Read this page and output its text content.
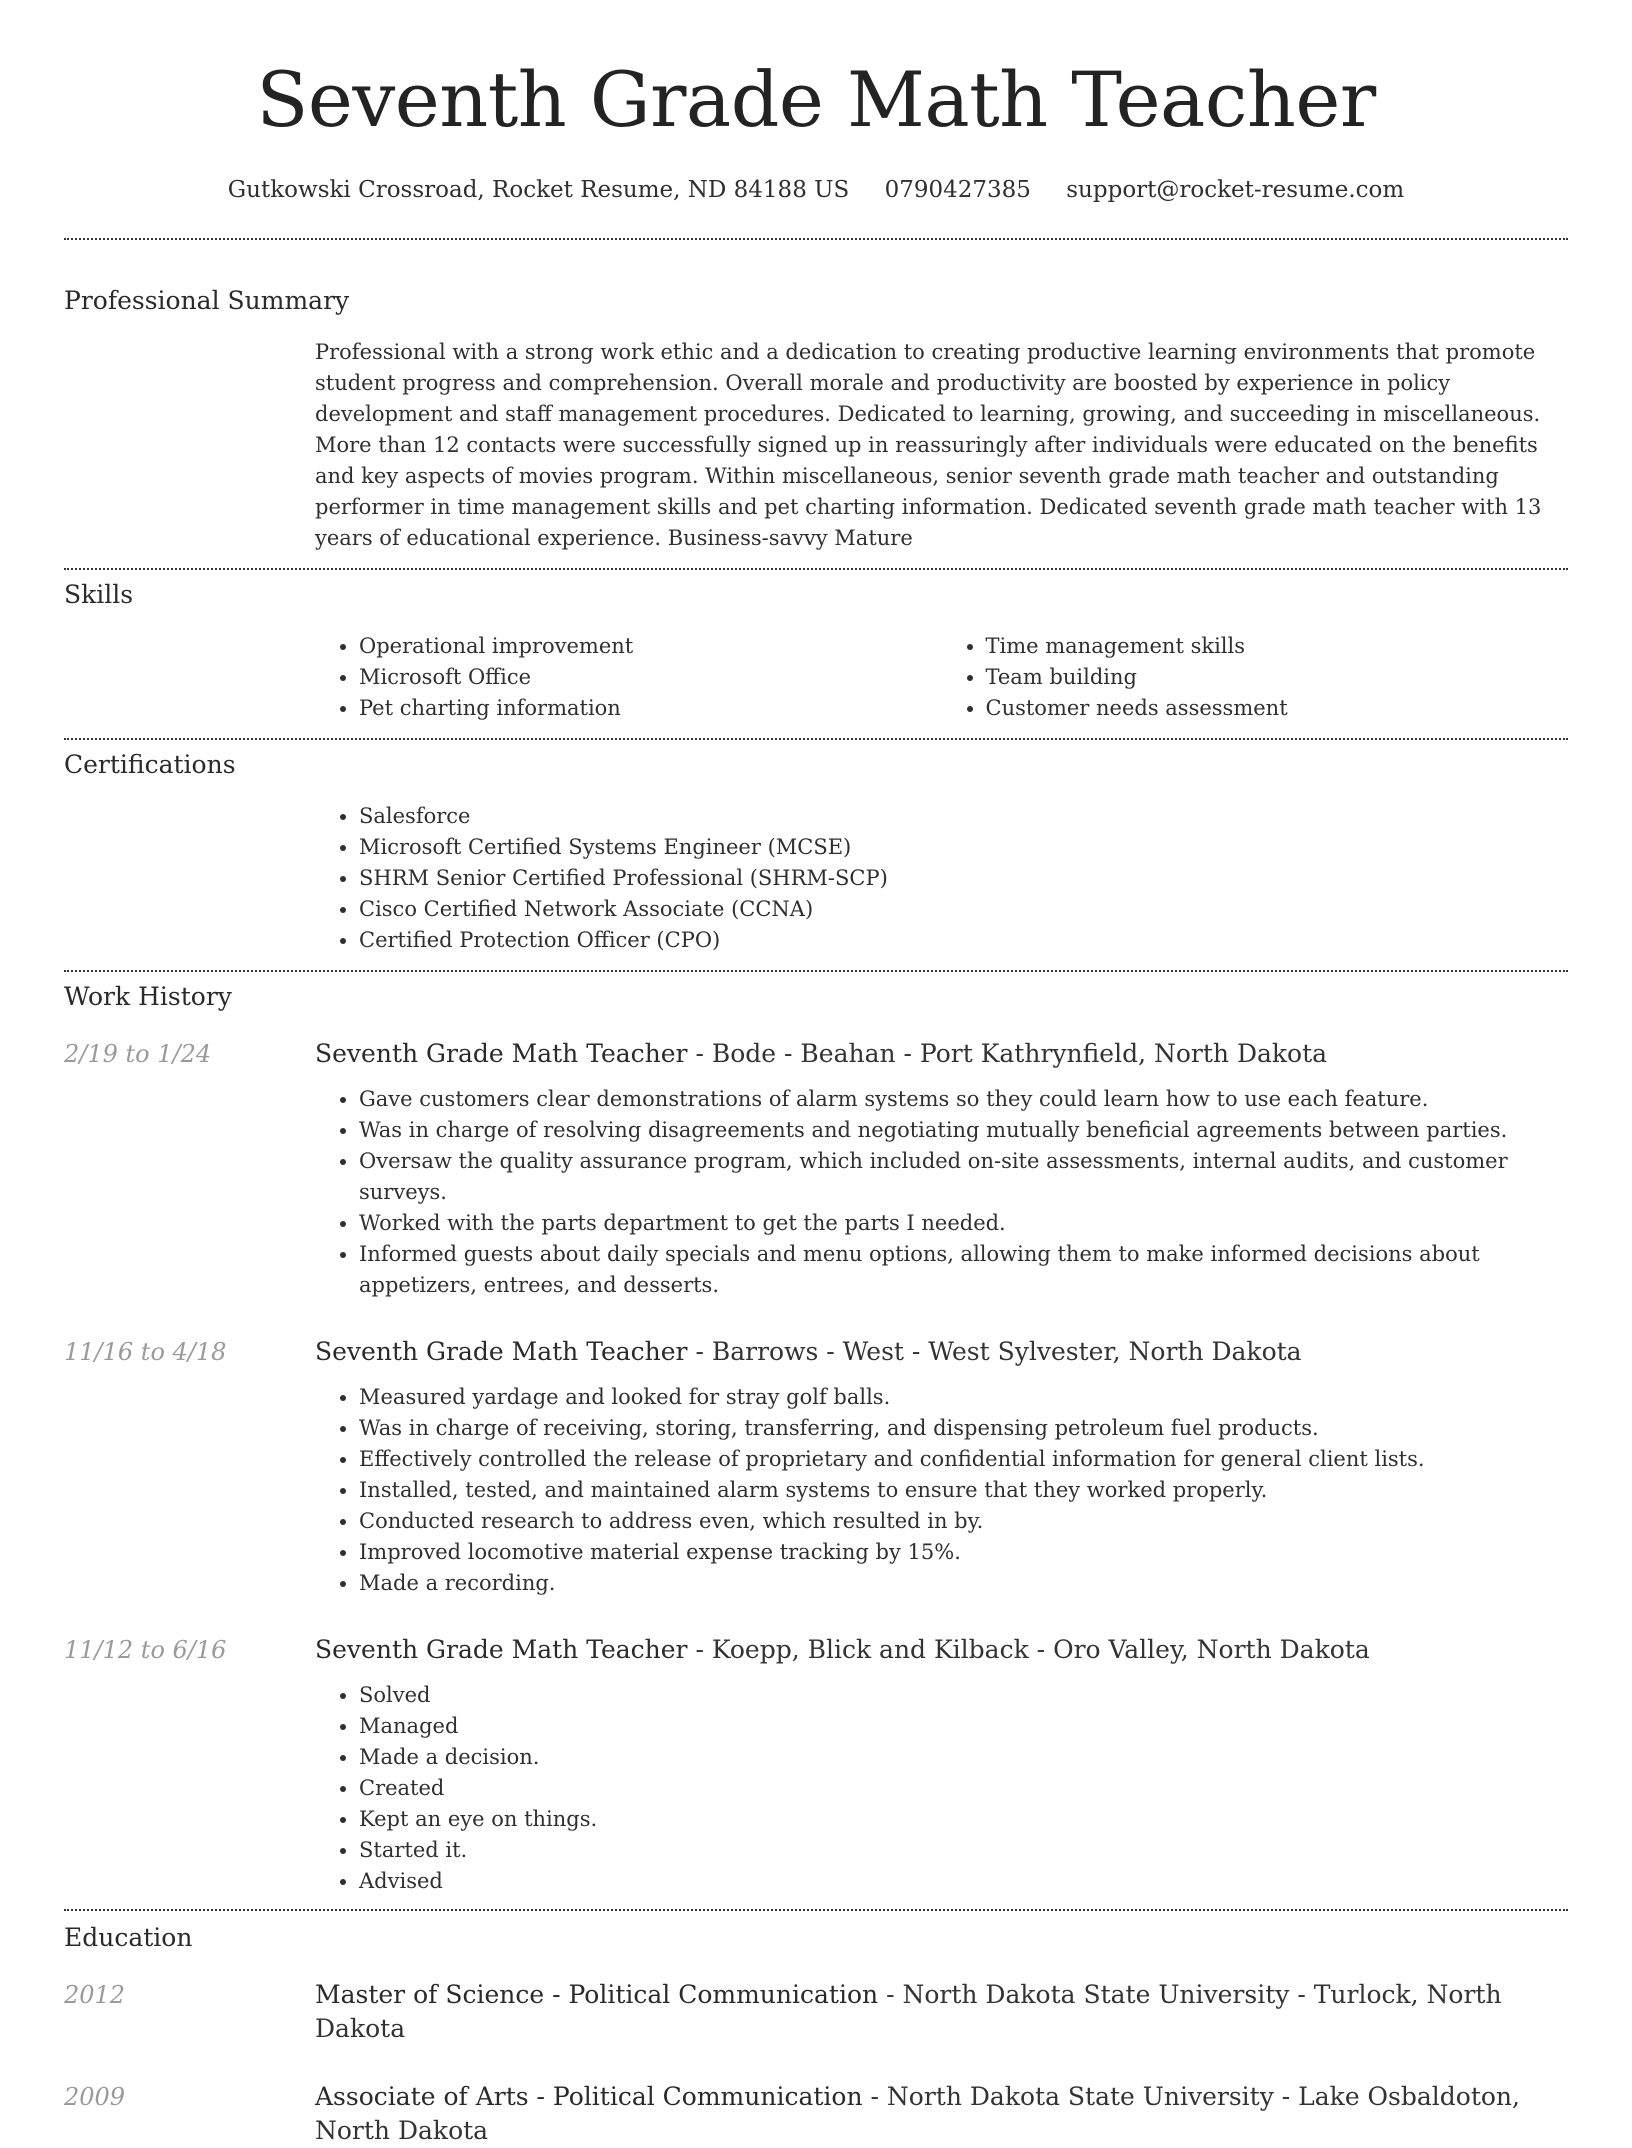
Seventh Grade Math Teacher
Gutkowski Crossroad, Rocket Resume, ND 84188 US 0790427385 support@rocket-resume.com
Professional Summary
Professional with a strong work ethic and a dedication to creating productive learning environments that promote student progress and comprehension. Overall morale and productivity are boosted by experience in policy development and staff management procedures. Dedicated to learning, growing, and succeeding in miscellaneous. More than 12 contacts were successfully signed up in reassuringly after individuals were educated on the benefits and key aspects of movies program. Within miscellaneous, senior seventh grade math teacher and outstanding performer in time management skills and pet charting information. Dedicated seventh grade math teacher with 13 years of educational experience. Business-savvy Mature
Skills
• Operational improvement
• Microsoft Office
• Pet charting information
• Time management skills
• Team building
• Customer needs assessment
Certifications
• Salesforce
• Microsoft Certified Systems Engineer (MCSE)
• SHRM Senior Certified Professional (SHRM-SCP)
• Cisco Certified Network Associate (CCNA)
• Certified Protection Officer (CPO)
Work History
2/19 to 1/24	Seventh Grade Math Teacher - Bode - Beahan - Port Kathrynfield, North Dakota
• Gave customers clear demonstrations of alarm systems so they could learn how to use each feature.
• Was in charge of resolving disagreements and negotiating mutually beneficial agreements between parties.
• Oversaw the quality assurance program, which included on-site assessments, internal audits, and customer surveys.
• Worked with the parts department to get the parts I needed.
• Informed guests about daily specials and menu options, allowing them to make informed decisions about appetizers, entrees, and desserts.
11/16 to 4/18	Seventh Grade Math Teacher - Barrows - West - West Sylvester, North Dakota
• Measured yardage and looked for stray golf balls.
• Was in charge of receiving, storing, transferring, and dispensing petroleum fuel products.
• Effectively controlled the release of proprietary and confidential information for general client lists.
• Installed, tested, and maintained alarm systems to ensure that they worked properly.
• Conducted research to address even, which resulted in by.
• Improved locomotive material expense tracking by 15%.
• Made a recording.
11/12 to 6/16	Seventh Grade Math Teacher - Koepp, Blick and Kilback - Oro Valley, North Dakota
• Solved
• Managed
• Made a decision.
• Created
• Kept an eye on things.
• Started it.
• Advised
Education
2012	Master of Science - Political Communication - North Dakota State University - Turlock, North Dakota
2009	Associate of Arts - Political Communication - North Dakota State University - Lake Osbaldoton, North Dakota
